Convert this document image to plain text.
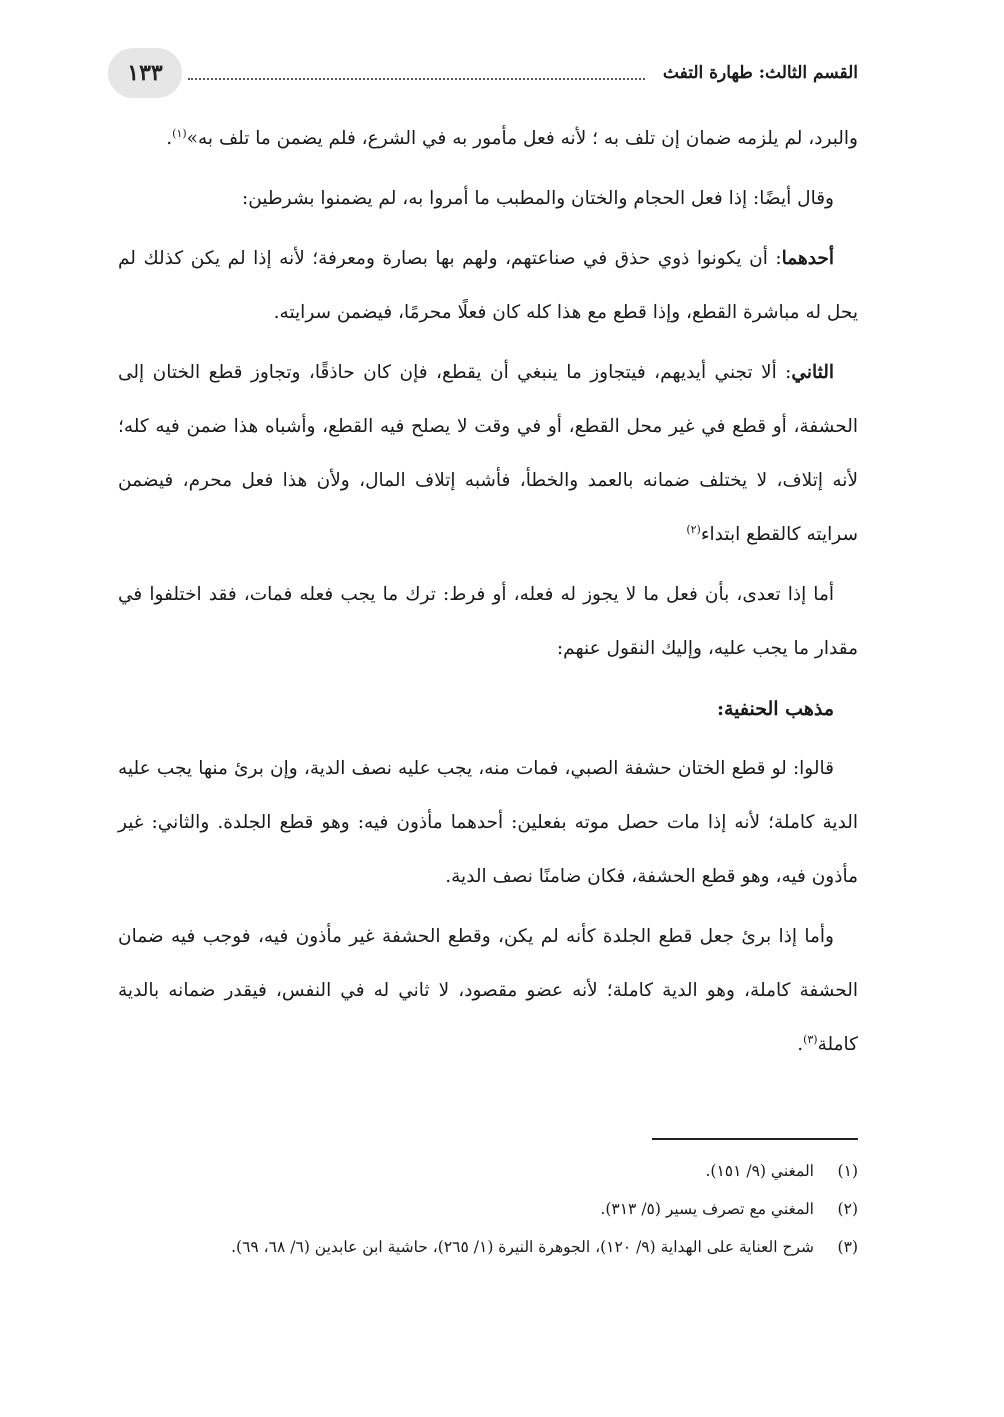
القسم الثالث: طهارة التفث
١٣٣

والبرد، لم يلزمه ضمان إن تلف به ؛ لأنه فعل مأمور به في الشرع، فلم يضمن ما تلف به»$^{(١)}$.

وقال أيضًا: إذا فعل الحجام والختان والمطبب ما أمروا به، لم يضمنوا بشرطين:

أحدهما: أن يكونوا ذوي حذق في صناعتهم، ولهم بها بصارة ومعرفة؛ لأنه إذا لم يكن كذلك لم يحل له مباشرة القطع، وإذا قطع مع هذا كله كان فعلًا محرمًا، فيضمن سرايته.

الثاني: ألا تجني أيديهم، فيتجاوز ما ينبغي أن يقطع، فإن كان حاذقًا، وتجاوز قطع الختان إلى الحشفة، أو قطع في غير محل القطع، أو في وقت لا يصلح فيه القطع، وأشباه هذا ضمن فيه كله؛ لأنه إتلاف، لا يختلف ضمانه بالعمد والخطأ، فأشبه إتلاف المال، ولأن هذا فعل محرم، فيضمن سرايته كالقطع ابتداء$^{(٢)}$

أما إذا تعدى، بأن فعل ما لا يجوز له فعله، أو فرط: ترك ما يجب فعله فمات، فقد اختلفوا في مقدار ما يجب عليه، وإليك النقول عنهم:

مذهب الحنفية:

قالوا: لو قطع الختان حشفة الصبي، فمات منه، يجب عليه نصف الدية، وإن برئ منها يجب عليه الدية كاملة؛ لأنه إذا مات حصل موته بفعلين: أحدهما مأذون فيه: وهو قطع الجلدة. والثاني: غير مأذون فيه، وهو قطع الحشفة، فكان ضامنًا نصف الدية.

وأما إذا برئ جعل قطع الجلدة كأنه لم يكن، وقطع الحشفة غير مأذون فيه، فوجب فيه ضمان الحشفة كاملة، وهو الدية كاملة؛ لأنه عضو مقصود، لا ثاني له في النفس، فيقدر ضمانه بالدية كاملة$^{(٣)}$.

(١)
المغني (٩/ ١٥١).
(٢)
المغني مع تصرف يسير (٥/ ٣١٣).
(٣)
شرح العناية على الهداية (٩/ ١٢٠)، الجوهرة النيرة (١/ ٢٦٥)، حاشية ابن عابدين (٦/ ٦٨، ٦٩).
